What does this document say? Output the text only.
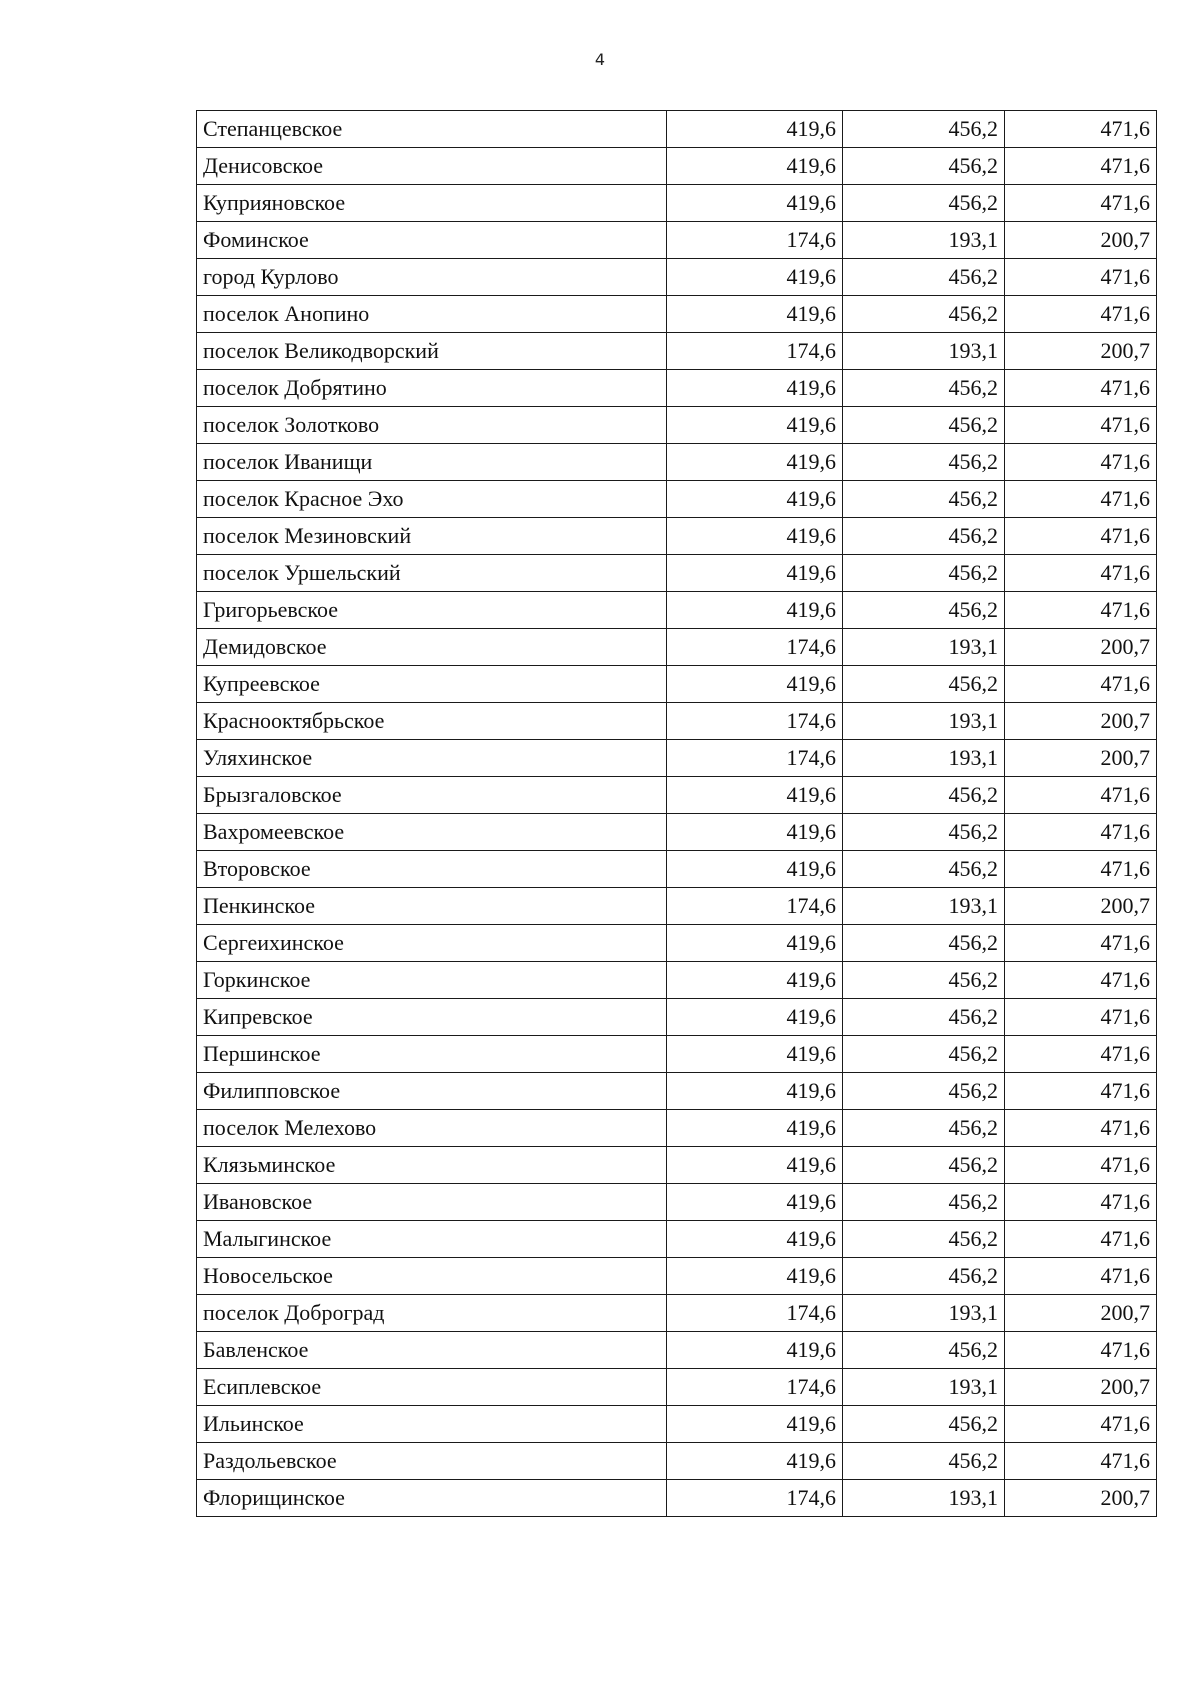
4
Степанцевское	419,6	456,2	471,6
Денисовское	419,6	456,2	471,6
Куприяновское	419,6	456,2	471,6
Фоминское	174,6	193,1	200,7
город Курлово	419,6	456,2	471,6
поселок Анопино	419,6	456,2	471,6
поселок Великодворский	174,6	193,1	200,7
поселок Добрятино	419,6	456,2	471,6
поселок Золотково	419,6	456,2	471,6
поселок Иванищи	419,6	456,2	471,6
поселок Красное Эхо	419,6	456,2	471,6
поселок Мезиновский	419,6	456,2	471,6
поселок Уршельский	419,6	456,2	471,6
Григорьевское	419,6	456,2	471,6
Демидовское	174,6	193,1	200,7
Купреевское	419,6	456,2	471,6
Краснооктябрьское	174,6	193,1	200,7
Уляхинское	174,6	193,1	200,7
Брызгаловское	419,6	456,2	471,6
Вахромеевское	419,6	456,2	471,6
Второвское	419,6	456,2	471,6
Пенкинское	174,6	193,1	200,7
Сергеихинское	419,6	456,2	471,6
Горкинское	419,6	456,2	471,6
Кипревское	419,6	456,2	471,6
Першинское	419,6	456,2	471,6
Филипповское	419,6	456,2	471,6
поселок Мелехово	419,6	456,2	471,6
Клязьминское	419,6	456,2	471,6
Ивановское	419,6	456,2	471,6
Малыгинское	419,6	456,2	471,6
Новосельское	419,6	456,2	471,6
поселок Доброград	174,6	193,1	200,7
Бавленское	419,6	456,2	471,6
Есиплевское	174,6	193,1	200,7
Ильинское	419,6	456,2	471,6
Раздольевское	419,6	456,2	471,6
Флорищинское	174,6	193,1	200,7
